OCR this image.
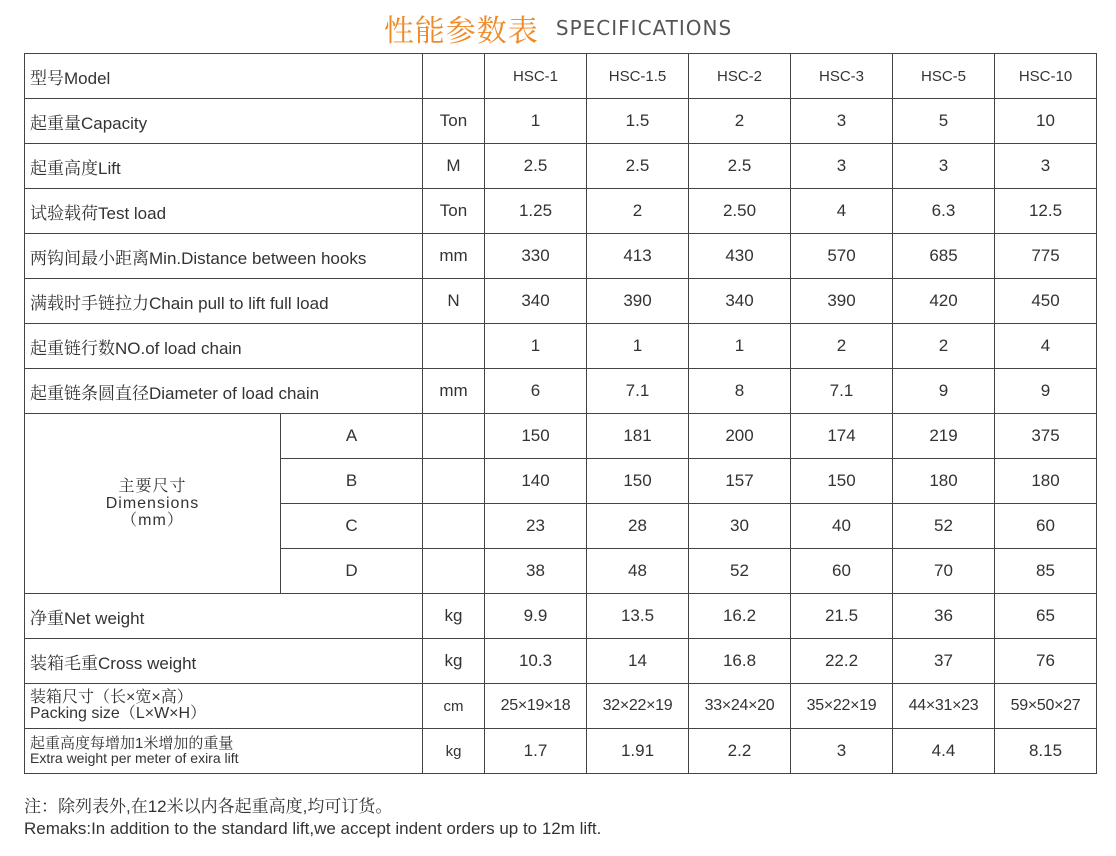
性能参数表 SPECIFICATIONS
型号Model			HSC-1	HSC-1.5	HSC-2	HSC-3	HSC-5	HSC-10
起重量Capacity		Ton	1	1.5	2	3	5	10
起重高度Lift		M	2.5	2.5	2.5	3	3	3
试验载荷Test load		Ton	1.25	2	2.50	4	6.3	12.5
两钩间最小距离Min.Distance between hooks		mm	330	413	430	570	685	775
满载时手链拉力Chain pull to lift full load		N	340	390	340	390	420	450
起重链行数NO.of load chain			1	1	1	2	2	4
起重链条圆直径Diameter of load chain		mm	6	7.1	8	7.1	9	9

主要尺寸
Dimensions
（mm）	A		150	181	200	174	219	375
	B		140	150	157	150	180	180
	C		23	28	30	40	52	60
	D		38	48	52	60	70	85
净重Net weight		kg	9.9	13.5	16.2	21.5	36	65
装箱毛重Cross weight		kg	10.3	14	16.8	22.2	37	76

装箱尺寸（长×宽×高）
Packing size（L×W×H）		cm	25×19×18	32×22×19	33×24×20	35×22×19	44×31×23	59×50×27

起重高度每增加1米增加的重量
Extra weight per meter of exira lift		kg	1.7	1.91	2.2	3	4.4	8.15
注：除列表外,在12米以内各起重高度,均可订货。
Remaks:In addition to the standard lift,we accept indent orders up to 12m lift.
